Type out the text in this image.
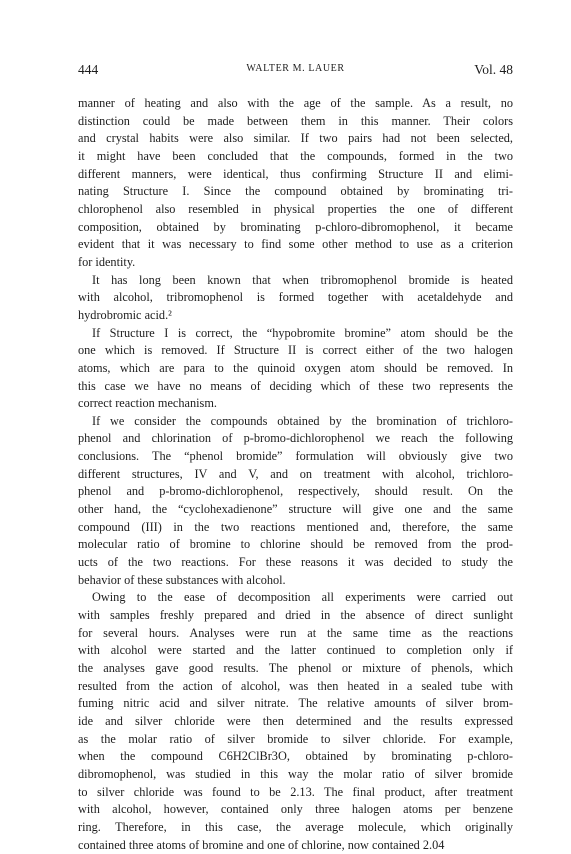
444	WALTER M. LAUER	Vol. 48
manner of heating and also with the age of the sample. As a result, no
distinction could be made between them in this manner. Their colors
and crystal habits were also similar. If two pairs had not been selected,
it might have been concluded that the compounds, formed in the two
different manners, were identical, thus confirming Structure II and elimi-
nating Structure I. Since the compound obtained by brominating tri-
chlorophenol also resembled in physical properties the one of different
composition, obtained by brominating p-chloro-dibromophenol, it became
evident that it was necessary to find some other method to use as a criterion
for identity.
It has long been known that when tribromophenol bromide is heated
with alcohol, tribromophenol is formed together with acetaldehyde and
hydrobromic acid.²
If Structure I is correct, the “hypobromite bromine” atom should be the
one which is removed. If Structure II is correct either of the two halogen
atoms, which are para to the quinoid oxygen atom should be removed. In
this case we have no means of deciding which of these two represents the
correct reaction mechanism.
If we consider the compounds obtained by the bromination of trichloro-
phenol and chlorination of p-bromo-dichlorophenol we reach the following
conclusions. The “phenol bromide” formulation will obviously give two
different structures, IV and V, and on treatment with alcohol, trichloro-
phenol and p-bromo-dichlorophenol, respectively, should result. On the
other hand, the “cyclohexadienone” structure will give one and the same
compound (III) in the two reactions mentioned and, therefore, the same
molecular ratio of bromine to chlorine should be removed from the prod-
ucts of the two reactions. For these reasons it was decided to study the
behavior of these substances with alcohol.
Owing to the ease of decomposition all experiments were carried out
with samples freshly prepared and dried in the absence of direct sunlight
for several hours. Analyses were run at the same time as the reactions
with alcohol were started and the latter continued to completion only if
the analyses gave good results. The phenol or mixture of phenols, which
resulted from the action of alcohol, was then heated in a sealed tube with
fuming nitric acid and silver nitrate. The relative amounts of silver brom-
ide and silver chloride were then determined and the results expressed
as the molar ratio of silver bromide to silver chloride. For example,
when the compound C6H2ClBr3O, obtained by brominating p-chloro-
dibromophenol, was studied in this way the molar ratio of silver bromide
to silver chloride was found to be 2.13. The final product, after treatment
with alcohol, however, contained only three halogen atoms per benzene
ring. Therefore, in this case, the average molecule, which originally
contained three atoms of bromine and one of chlorine, now contained 2.04
